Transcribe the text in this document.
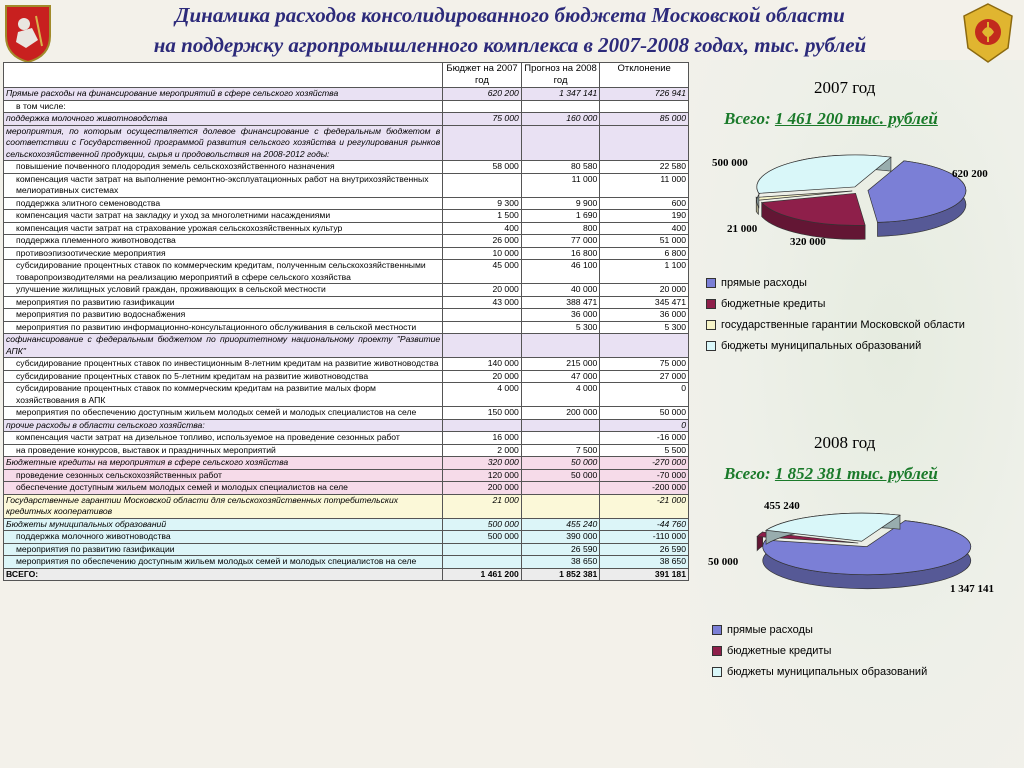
Динамика расходов консолидированного бюджета Московской области
на поддержку агропромышленного комплекса в 2007-2008 годах, тыс. рублей
	Бюджет на 2007 год	Прогноз на 2008 год	Отклонение
Прямые расходы на финансирование мероприятий в сфере сельского хозяйства	620 200	1 347 141	726 941
в том числе:			
поддержка молочного животноводства	75 000	160 000	85 000
мероприятия, по которым осуществляется долевое финансирование с федеральным бюджетом в соответствии с Государственной программой развития сельского хозяйства и регулирования рынков сельскохозяйственной продукции, сырья и продовольствия на 2008-2012 годы:			
повышение почвенного плодородия земель сельскохозяйственного назначения	58 000	80 580	22 580
компенсация части затрат на выполнение ремонтно-эксплуатационных работ на внутрихозяйственных мелиоративных системах		11 000	11 000
поддержка элитного семеноводства	9 300	9 900	600
компенсация части затрат на закладку и уход за многолетними насаждениями	1 500	1 690	190
компенсация части затрат на страхование урожая сельскохозяйственных культур	400	800	400
поддержка племенного животноводства	26 000	77 000	51 000
противоэпизоотические мероприятия	10 000	16 800	6 800
субсидирование процентных ставок по коммерческим кредитам, полученным сельскохозяйственными товаропроизводителями на реализацию мероприятий в сфере сельского хозяйства	45 000	46 100	1 100
улучшение жилищных условий граждан, проживающих в сельской местности	20 000	40 000	20 000
мероприятия по развитию газификации	43 000	388 471	345 471
мероприятия по развитию водоснабжения		36 000	36 000
мероприятия по развитию информационно-консультационного обслуживания в сельской местности		5 300	5 300
софинансирование с федеральным бюджетом по приоритетному национальному проекту "Развитие АПК"			
субсидирование процентных ставок по инвестиционным 8-летним кредитам на развитие животноводства	140 000	215 000	75 000
субсидирование процентных ставок по 5-летним кредитам на развитие животноводства	20 000	47 000	27 000
субсидирование процентных ставок по коммерческим кредитам на развитие малых форм хозяйствования в АПК	4 000	4 000	0
мероприятия по обеспечению доступным жильем молодых семей и молодых специалистов на селе	150 000	200 000	50 000
прочие расходы в области сельского хозяйства:			0
компенсация части затрат на дизельное топливо, используемое на проведение сезонных работ	16 000		-16 000
на проведение конкурсов, выставок и праздничных мероприятий	2 000	7 500	5 500
Бюджетные кредиты на мероприятия в сфере сельского хозяйства	320 000	50 000	-270 000
проведение сезонных сельскохозяйственных работ	120 000	50 000	-70 000
обеспечение доступным жильем молодых семей и молодых специалистов на селе	200 000		-200 000
Государственные гарантии Московской области для сельскохозяйственных потребительских кредитных кооперативов	21 000		-21 000
Бюджеты муниципальных образований	500 000	455 240	-44 760
поддержка молочного животноводства	500 000	390 000	-110 000
мероприятия по развитию газификации		26 590	26 590
мероприятия по обеспечению доступным жильем молодых семей и молодых специалистов на селе		38 650	38 650
ВСЕГО:	1 461 200	1 852 381	391 181
2007 год
Всего: 1 461 200 тыс. рублей
500 000
620 200
21 000
320 000
прямые расходы
бюджетные кредиты
государственные гарантии Московской области
бюджеты муниципальных образований
2008 год
Всего: 1 852 381 тыс. рублей
455 240
50 000
1 347 141
прямые расходы
бюджетные кредиты
бюджеты муниципальных образований
